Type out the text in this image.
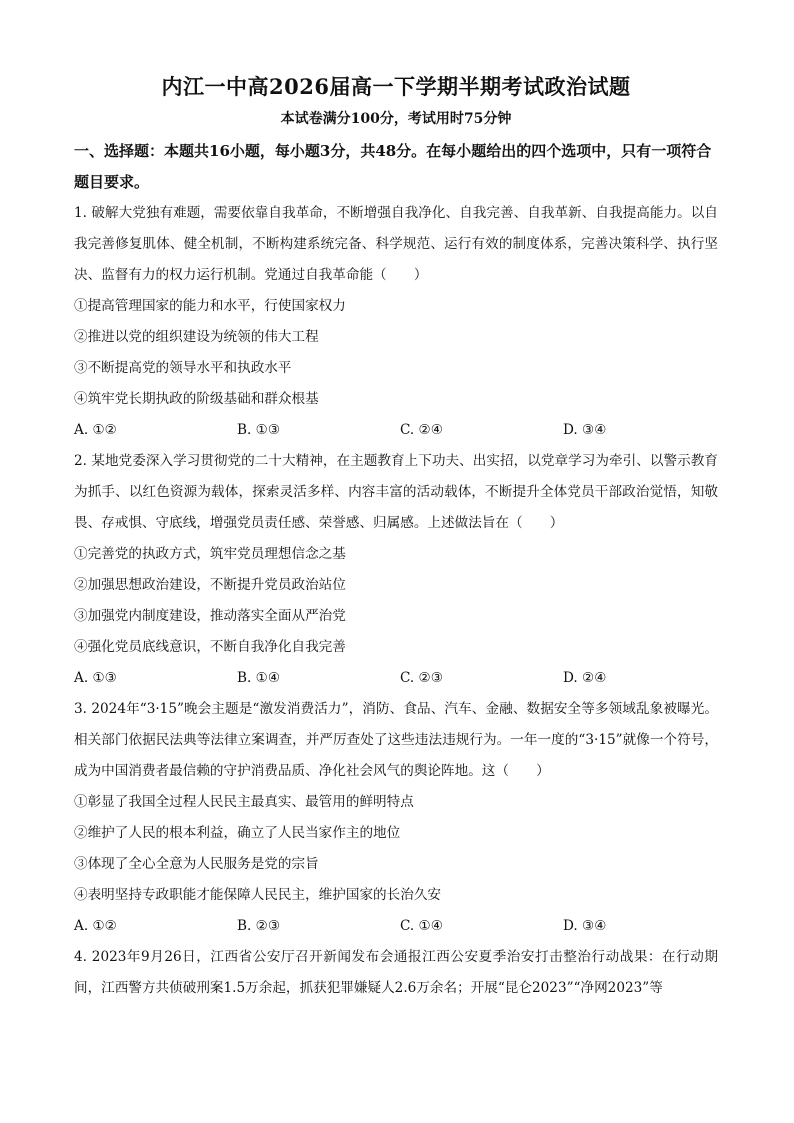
内江一中高2026届高一下学期半期考试政治试题
本试卷满分100分，考试用时75分钟
一、选择题：本题共16小题，每小题3分，共48分。在每小题给出的四个选项中，只有一项符合题目要求。
1. 破解大党独有难题，需要依靠自我革命，不断增强自我净化、自我完善、自我革新、自我提高能力。以自我完善修复肌体、健全机制，不断构建系统完备、科学规范、运行有效的制度体系，完善决策科学、执行坚决、监督有力的权力运行机制。党通过自我革命能（　　）
①提高管理国家的能力和水平，行使国家权力
②推进以党的组织建设为统领的伟大工程
③不断提高党的领导水平和执政水平
④筑牢党长期执政的阶级基础和群众根基
A. ①②	B. ①③	C. ②④	D. ③④
2. 某地党委深入学习贯彻党的二十大精神，在主题教育上下功夫、出实招，以党章学习为牵引、以警示教育为抓手、以红色资源为载体，探索灵活多样、内容丰富的活动载体，不断提升全体党员干部政治觉悟，知敬畏、存戒惧、守底线，增强党员责任感、荣誉感、归属感。上述做法旨在（　　）
①完善党的执政方式，筑牢党员理想信念之基
②加强思想政治建设，不断提升党员政治站位
③加强党内制度建设，推动落实全面从严治党
④强化党员底线意识，不断自我净化自我完善
A. ①③	B. ①④	C. ②③	D. ②④
3. 2024年“3·15”晚会主题是“激发消费活力”，消防、食品、汽车、金融、数据安全等多领域乱象被曝光。相关部门依据民法典等法律立案调查，并严厉查处了这些违法违规行为。一年一度的“3·15”就像一个符号，成为中国消费者最信赖的守护消费品质、净化社会风气的舆论阵地。这（　　）
①彰显了我国全过程人民民主最真实、最管用的鲜明特点
②维护了人民的根本利益，确立了人民当家作主的地位
③体现了全心全意为人民服务是党的宗旨
④表明坚持专政职能才能保障人民民主，维护国家的长治久安
A. ①②	B. ②③	C. ①④	D. ③④
4. 2023年9月26日，江西省公安厅召开新闻发布会通报江西公安夏季治安打击整治行动战果：在行动期间，江西警方共侦破刑案1.5万余起，抓获犯罪嫌疑人2.6万余名；开展“昆仑2023”“净网2023”等
